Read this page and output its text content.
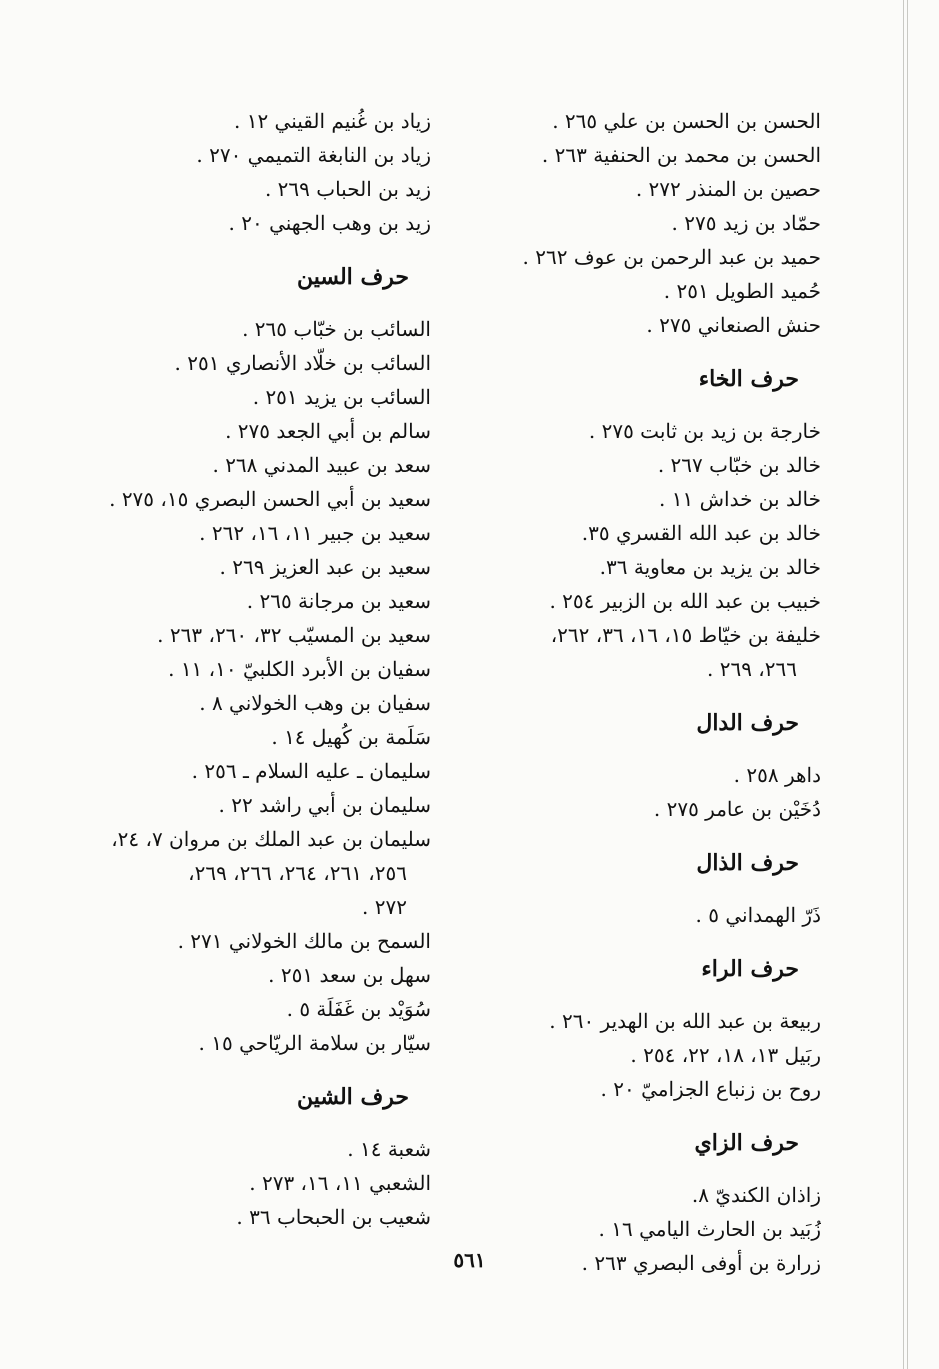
الحسن بن الحسن بن علي ٢٦٥ .
الحسن بن محمد بن الحنفية ٢٦٣ .
حصين بن المنذر ٢٧٢ .
حمّاد بن زيد ٢٧٥ .
حميد بن عبد الرحمن بن عوف ٢٦٢ .
حُميد الطويل ٢٥١ .
حنش الصنعاني ٢٧٥ .
حرف الخاء
خارجة بن زيد بن ثابت ٢٧٥ .
خالد بن خبّاب ٢٦٧ .
خالد بن خداش ١١ .
خالد بن عبد الله القسري ٣٥.
خالد بن يزيد بن معاوية ٣٦.
خبيب بن عبد الله بن الزبير ٢٥٤ .
خليفة بن خيّاط ١٥، ١٦، ٣٦، ٢٦٢،
٢٦٦، ٢٦٩ .
حرف الدال
داهر ٢٥٨ .
دُخَيْن بن عامر ٢٧٥ .
حرف الذال
ذَرّ الهمداني ٥ .
حرف الراء
ربيعة بن عبد الله بن الهدير ٢٦٠ .
ربَيل ١٣، ١٨، ٢٢، ٢٥٤ .
روح بن زنباع الجزاميّ ٢٠ .
حرف الزاي
زاذان الكنديّ ٨.
زُبَيد بن الحارث اليامي ١٦ .
زرارة بن أوفى البصري ٢٦٣ .
زياد بن غُنيم القيني ١٢ .
زياد بن النابغة التميمي ٢٧٠ .
زيد بن الحباب ٢٦٩ .
زيد بن وهب الجهني ٢٠ .
حرف السين
السائب بن خبّاب ٢٦٥ .
السائب بن خلّاد الأنصاري ٢٥١ .
السائب بن يزيد ٢٥١ .
سالم بن أبي الجعد ٢٧٥ .
سعد بن عبيد المدني ٢٦٨ .
سعيد بن أبي الحسن البصري ١٥، ٢٧٥ .
سعيد بن جبير ١١، ١٦، ٢٦٢ .
سعيد بن عبد العزيز ٢٦٩ .
سعيد بن مرجانة ٢٦٥ .
سعيد بن المسيّب ٣٢، ٢٦٠، ٢٦٣ .
سفيان بن الأبرد الكلبيّ ١٠، ١١ .
سفيان بن وهب الخولاني ٨ .
سَلَمة بن كُهيل ١٤ .
سليمان ـ عليه السلام ـ ٢٥٦ .
سليمان بن أبي راشد ٢٢ .
سليمان بن عبد الملك بن مروان ٧، ٢٤،
٢٥٦، ٢٦١، ٢٦٤، ٢٦٦، ٢٦٩،
٢٧٢ .
السمح بن مالك الخولاني ٢٧١ .
سهل بن سعد ٢٥١ .
سُوَيْد بن غَفَلَة ٥ .
سيّار بن سلامة الريّاحي ١٥ .
حرف الشين
شعبة ١٤ .
الشعبي ١١، ١٦، ٢٧٣ .
شعيب بن الحبحاب ٣٦ .
٥٦١
